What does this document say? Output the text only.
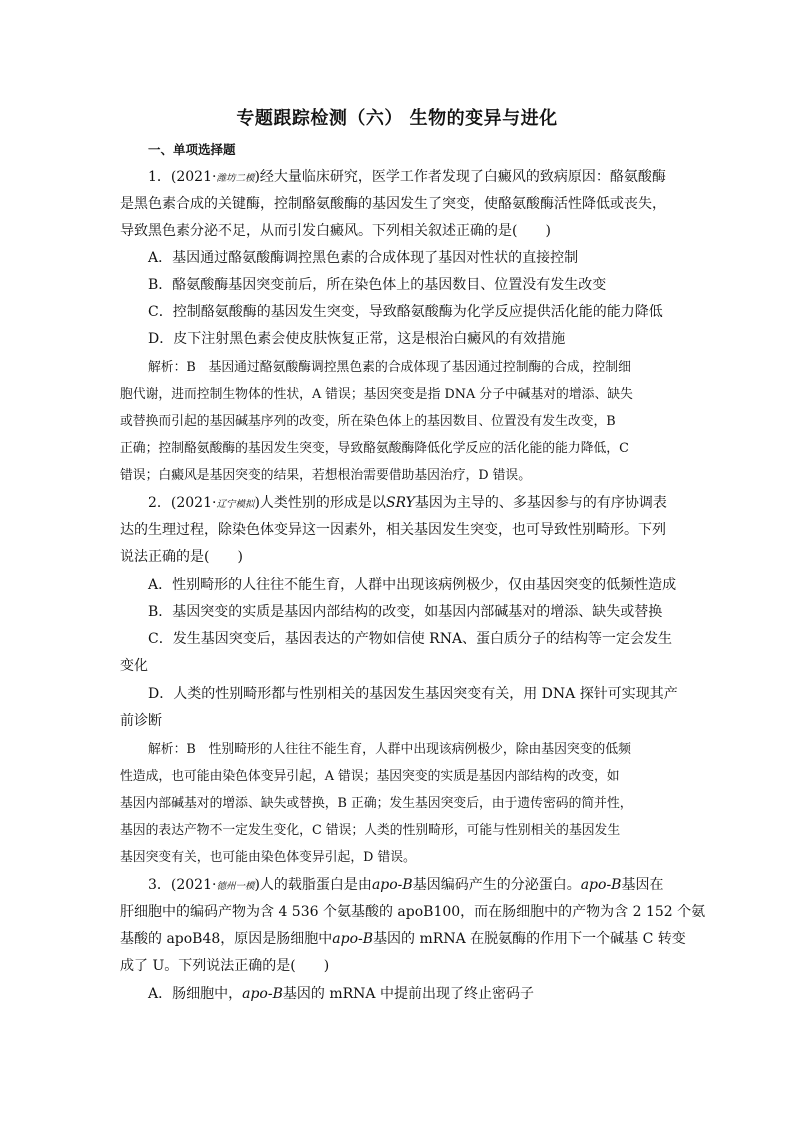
专题跟踪检测（六） 生物的变异与进化
一、单项选择题
1．(2021·潍坊二模)经大量临床研究，医学工作者发现了白癜风的致病原因：酪氨酸酶
是黑色素合成的关键酶，控制酪氨酸酶的基因发生了突变，使酪氨酸酶活性降低或丧失，
导致黑色素分泌不足，从而引发白癜风。下列相关叙述正确的是(　　)
A．基因通过酪氨酸酶调控黑色素的合成体现了基因对性状的直接控制
B．酪氨酸酶基因突变前后，所在染色体上的基因数目、位置没有发生改变
C．控制酪氨酸酶的基因发生突变，导致酪氨酸酶为化学反应提供活化能的能力降低
D．皮下注射黑色素会使皮肤恢复正常，这是根治白癜风的有效措施
解析：B　基因通过酪氨酸酶调控黑色素的合成体现了基因通过控制酶的合成，控制细
胞代谢，进而控制生物体的性状，A 错误；基因突变是指 DNA 分子中碱基对的增添、缺失
或替换而引起的基因碱基序列的改变，所在染色体上的基因数目、位置没有发生改变，B
正确；控制酪氨酸酶的基因发生突变，导致酪氨酸酶降低化学反应的活化能的能力降低，C
错误；白癜风是基因突变的结果，若想根治需要借助基因治疗，D 错误。
2．(2021·辽宁模拟)人类性别的形成是以SRY基因为主导的、多基因参与的有序协调表
达的生理过程，除染色体变异这一因素外，相关基因发生突变，也可导致性别畸形。下列
说法正确的是(　　)
A．性别畸形的人往往不能生育，人群中出现该病例极少，仅由基因突变的低频性造成
B．基因突变的实质是基因内部结构的改变，如基因内部碱基对的增添、缺失或替换
C．发生基因突变后，基因表达的产物如信使 RNA、蛋白质分子的结构等一定会发生
变化
D．人类的性别畸形都与性别相关的基因发生基因突变有关，用 DNA 探针可实现其产
前诊断
解析：B　性别畸形的人往往不能生育，人群中出现该病例极少，除由基因突变的低频
性造成，也可能由染色体变异引起，A 错误；基因突变的实质是基因内部结构的改变，如
基因内部碱基对的增添、缺失或替换，B 正确；发生基因突变后，由于遗传密码的简并性，
基因的表达产物不一定发生变化，C 错误；人类的性别畸形，可能与性别相关的基因发生
基因突变有关，也可能由染色体变异引起，D 错误。
3．(2021·德州一模)人的载脂蛋白是由apo-B基因编码产生的分泌蛋白。apo-B基因在
肝细胞中的编码产物为含 4 536 个氨基酸的 apoB100，而在肠细胞中的产物为含 2 152 个氨
基酸的 apoB48，原因是肠细胞中apo-B基因的 mRNA 在脱氨酶的作用下一个碱基 C 转变
成了 U。下列说法正确的是(　　)
A．肠细胞中，apo-B基因的 mRNA 中提前出现了终止密码子
